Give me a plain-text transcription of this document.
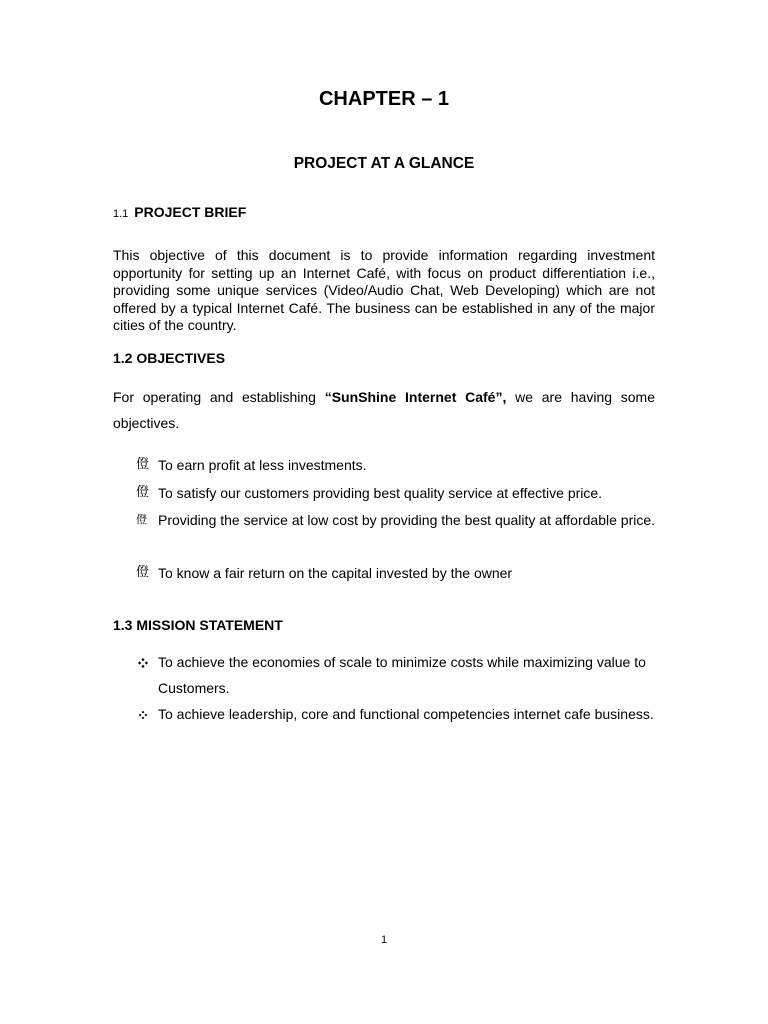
CHAPTER – 1
PROJECT AT A GLANCE
1.1 PROJECT BRIEF

This objective of this document is to provide information regarding investment opportunity for setting up an Internet Café, with focus on product differentiation i.e., providing some unique services (Video/Audio Chat, Web Developing) which are not offered by a typical Internet Café. The business can be established in any of the major cities of the country.

1.2 OBJECTIVES

For operating and establishing “SunShine Internet Café”, we are having some objectives.

僜 To earn profit at less investments.
僜 To satisfy our customers providing best quality service at effective price.
僜 Providing the service at low cost by providing the best quality at affordable price.
僜 To know a fair return on the capital invested by the owner
1.3 MISSION STATEMENT
To achieve the economies of scale to minimize costs while maximizing value to Customers.
To achieve leadership, core and functional competencies internet cafe business.
1
